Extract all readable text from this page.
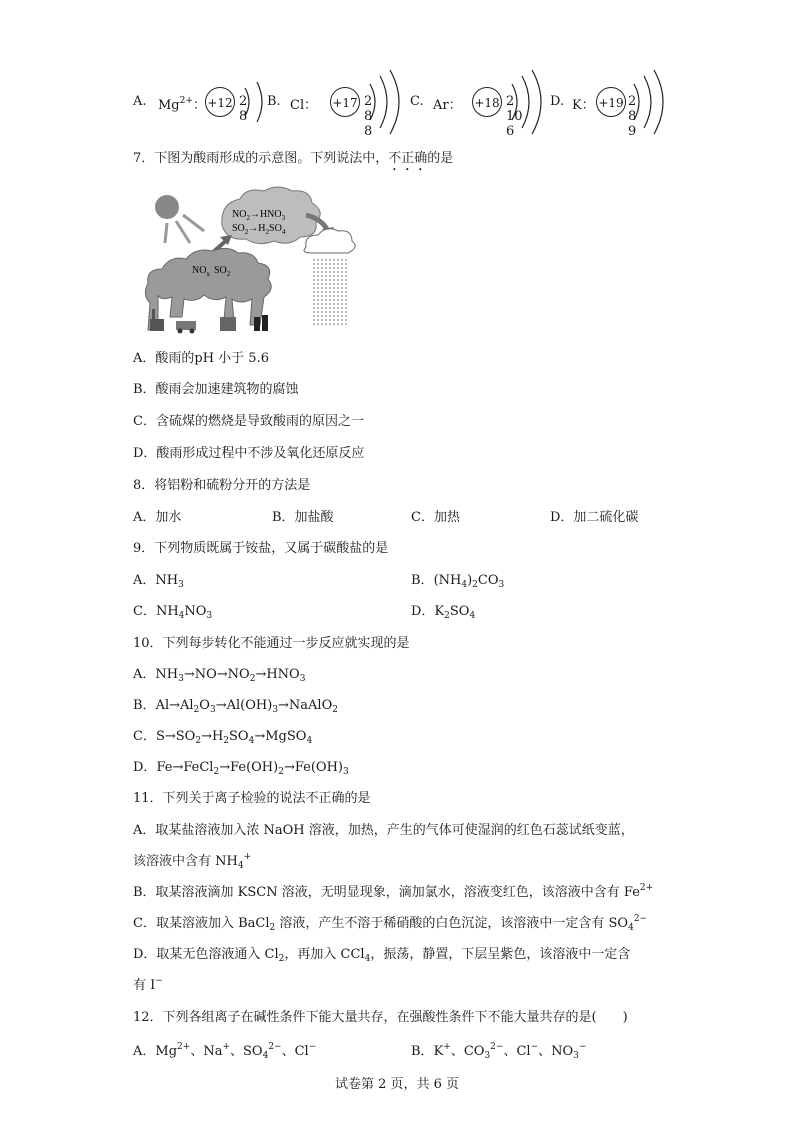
A. $Mg^{2+}$： +12 2 8
B. Cl： +17 2 8 8
C. Ar： +18 2 10 6
D. K： +19 2 8 9
7．下图为酸雨形成的示意图。下列说法中，不正确的是
$NO_2\to HNO_3$
$SO_2\to H_2SO_4$
$NO_x$ $SO_2$
A．酸雨的pH 小于 5.6
B．酸雨会加速建筑物的腐蚀
C．含硫煤的燃烧是导致酸雨的原因之一
D．酸雨形成过程中不涉及氧化还原反应
8．将铝粉和硫粉分开的方法是
A．加水	B．加盐酸	C．加热	D．加二硫化碳
9．下列物质既属于铵盐，又属于碳酸盐的是
A．$NH_3$	B．$(NH_4)_2CO_3$
C．$NH_4NO_3$	D．$K_2SO_4$
10．下列每步转化不能通过一步反应就实现的是
A．$NH_3\to NO\to NO_2\to HNO_3$
B．$Al\to Al_2O_3\to Al(OH)_3\to NaAlO_2$
C．$S\to SO_2\to H_2SO_4\to MgSO_4$
D．$Fe\to FeCl_2\to Fe(OH)_2\to Fe(OH)_3$
11．下列关于离子检验的说法不正确的是
A．取某盐溶液加入浓 NaOH 溶液，加热，产生的气体可使湿润的红色石蕊试纸变蓝，
该溶液中含有 $NH_4^+$
B．取某溶液滴加 KSCN 溶液，无明显现象，滴加氯水，溶液变红色，该溶液中含有 $Fe^{2+}$
C．取某溶液加入 BaCl$_2$ 溶液，产生不溶于稀硝酸的白色沉淀，该溶液中一定含有 $SO_4^{2-}$
D．取某无色溶液通入 $Cl_2$，再加入 CCl$_4$，振荡，静置，下层呈紫色，该溶液中一定含
有 I−
12．下列各组离子在碱性条件下能大量共存，在强酸性条件下不能大量共存的是(　　)
A．$Mg^{2+}$、Na+、$SO_4^{2-}$、Cl−	B．K+、$CO_3^{2-}$、Cl−、$NO_3^-$
试卷第 2 页，共 6 页
